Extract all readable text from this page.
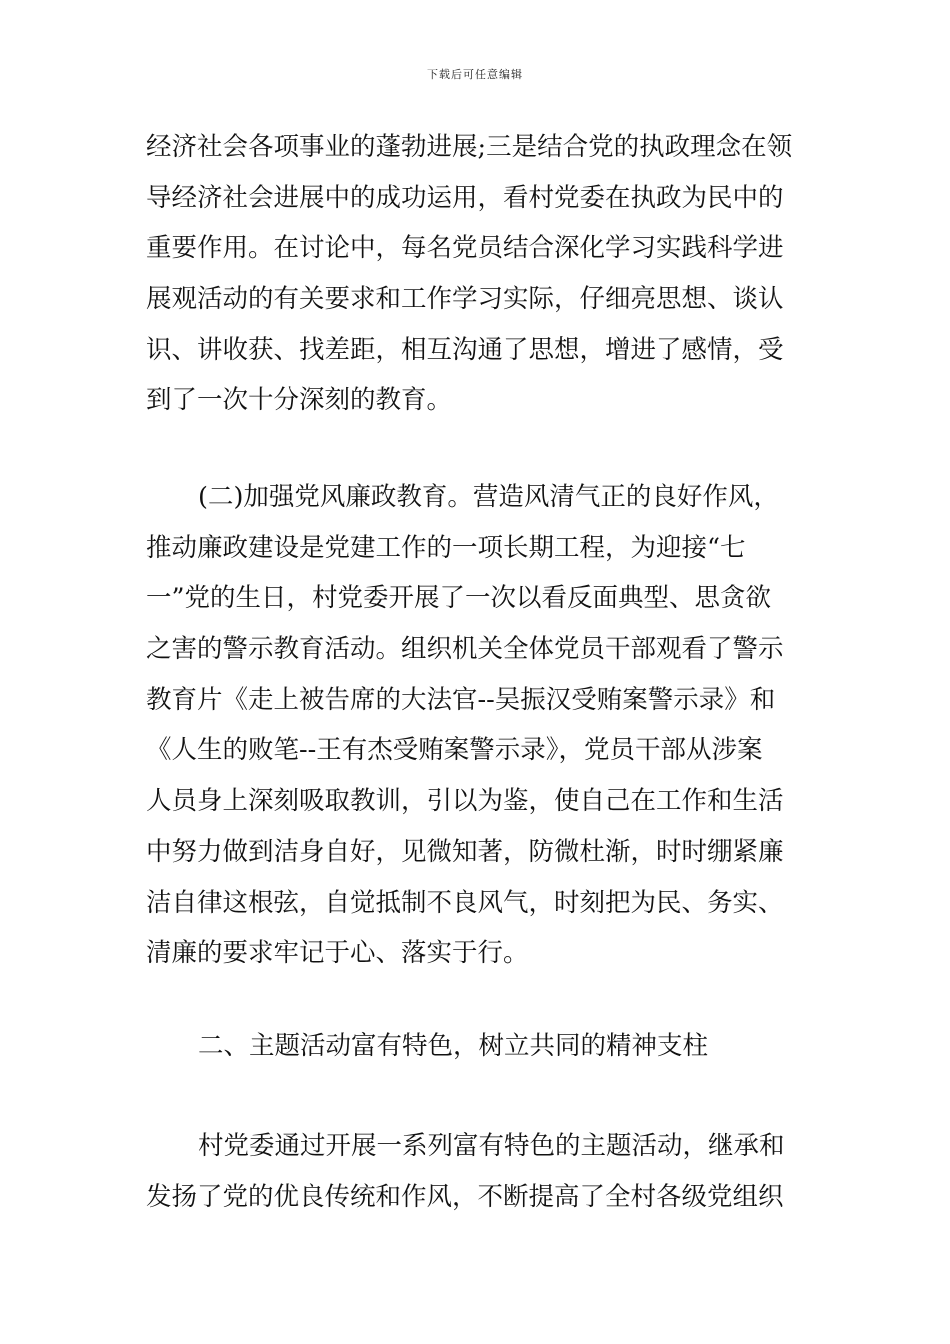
下载后可任意编辑

经济社会各项事业的蓬勃进展;三是结合党的执政理念在领
导经济社会进展中的成功运用，看村党委在执政为民中的
重要作用。在讨论中，每名党员结合深化学习实践科学进
展观活动的有关要求和工作学习实际，仔细亮思想、谈认
识、讲收获、找差距，相互沟通了思想，增进了感情，受
到了一次十分深刻的教育。

(二)加强党风廉政教育。营造风清气正的良好作风，
推动廉政建设是党建工作的一项长期工程，为迎接“七
一”党的生日，村党委开展了一次以看反面典型、思贪欲
之害的警示教育活动。组织机关全体党员干部观看了警示
教育片《走上被告席的大法官--吴振汉受贿案警示录》和
《人生的败笔--王有杰受贿案警示录》，党员干部从涉案
人员身上深刻吸取教训，引以为鉴，使自己在工作和生活
中努力做到洁身自好，见微知著，防微杜渐，时时绷紧廉
洁自律这根弦，自觉抵制不良风气，时刻把为民、务实、
清廉的要求牢记于心、落实于行。

二、主题活动富有特色，树立共同的精神支柱

村党委通过开展一系列富有特色的主题活动，继承和
发扬了党的优良传统和作风，不断提高了全村各级党组织
